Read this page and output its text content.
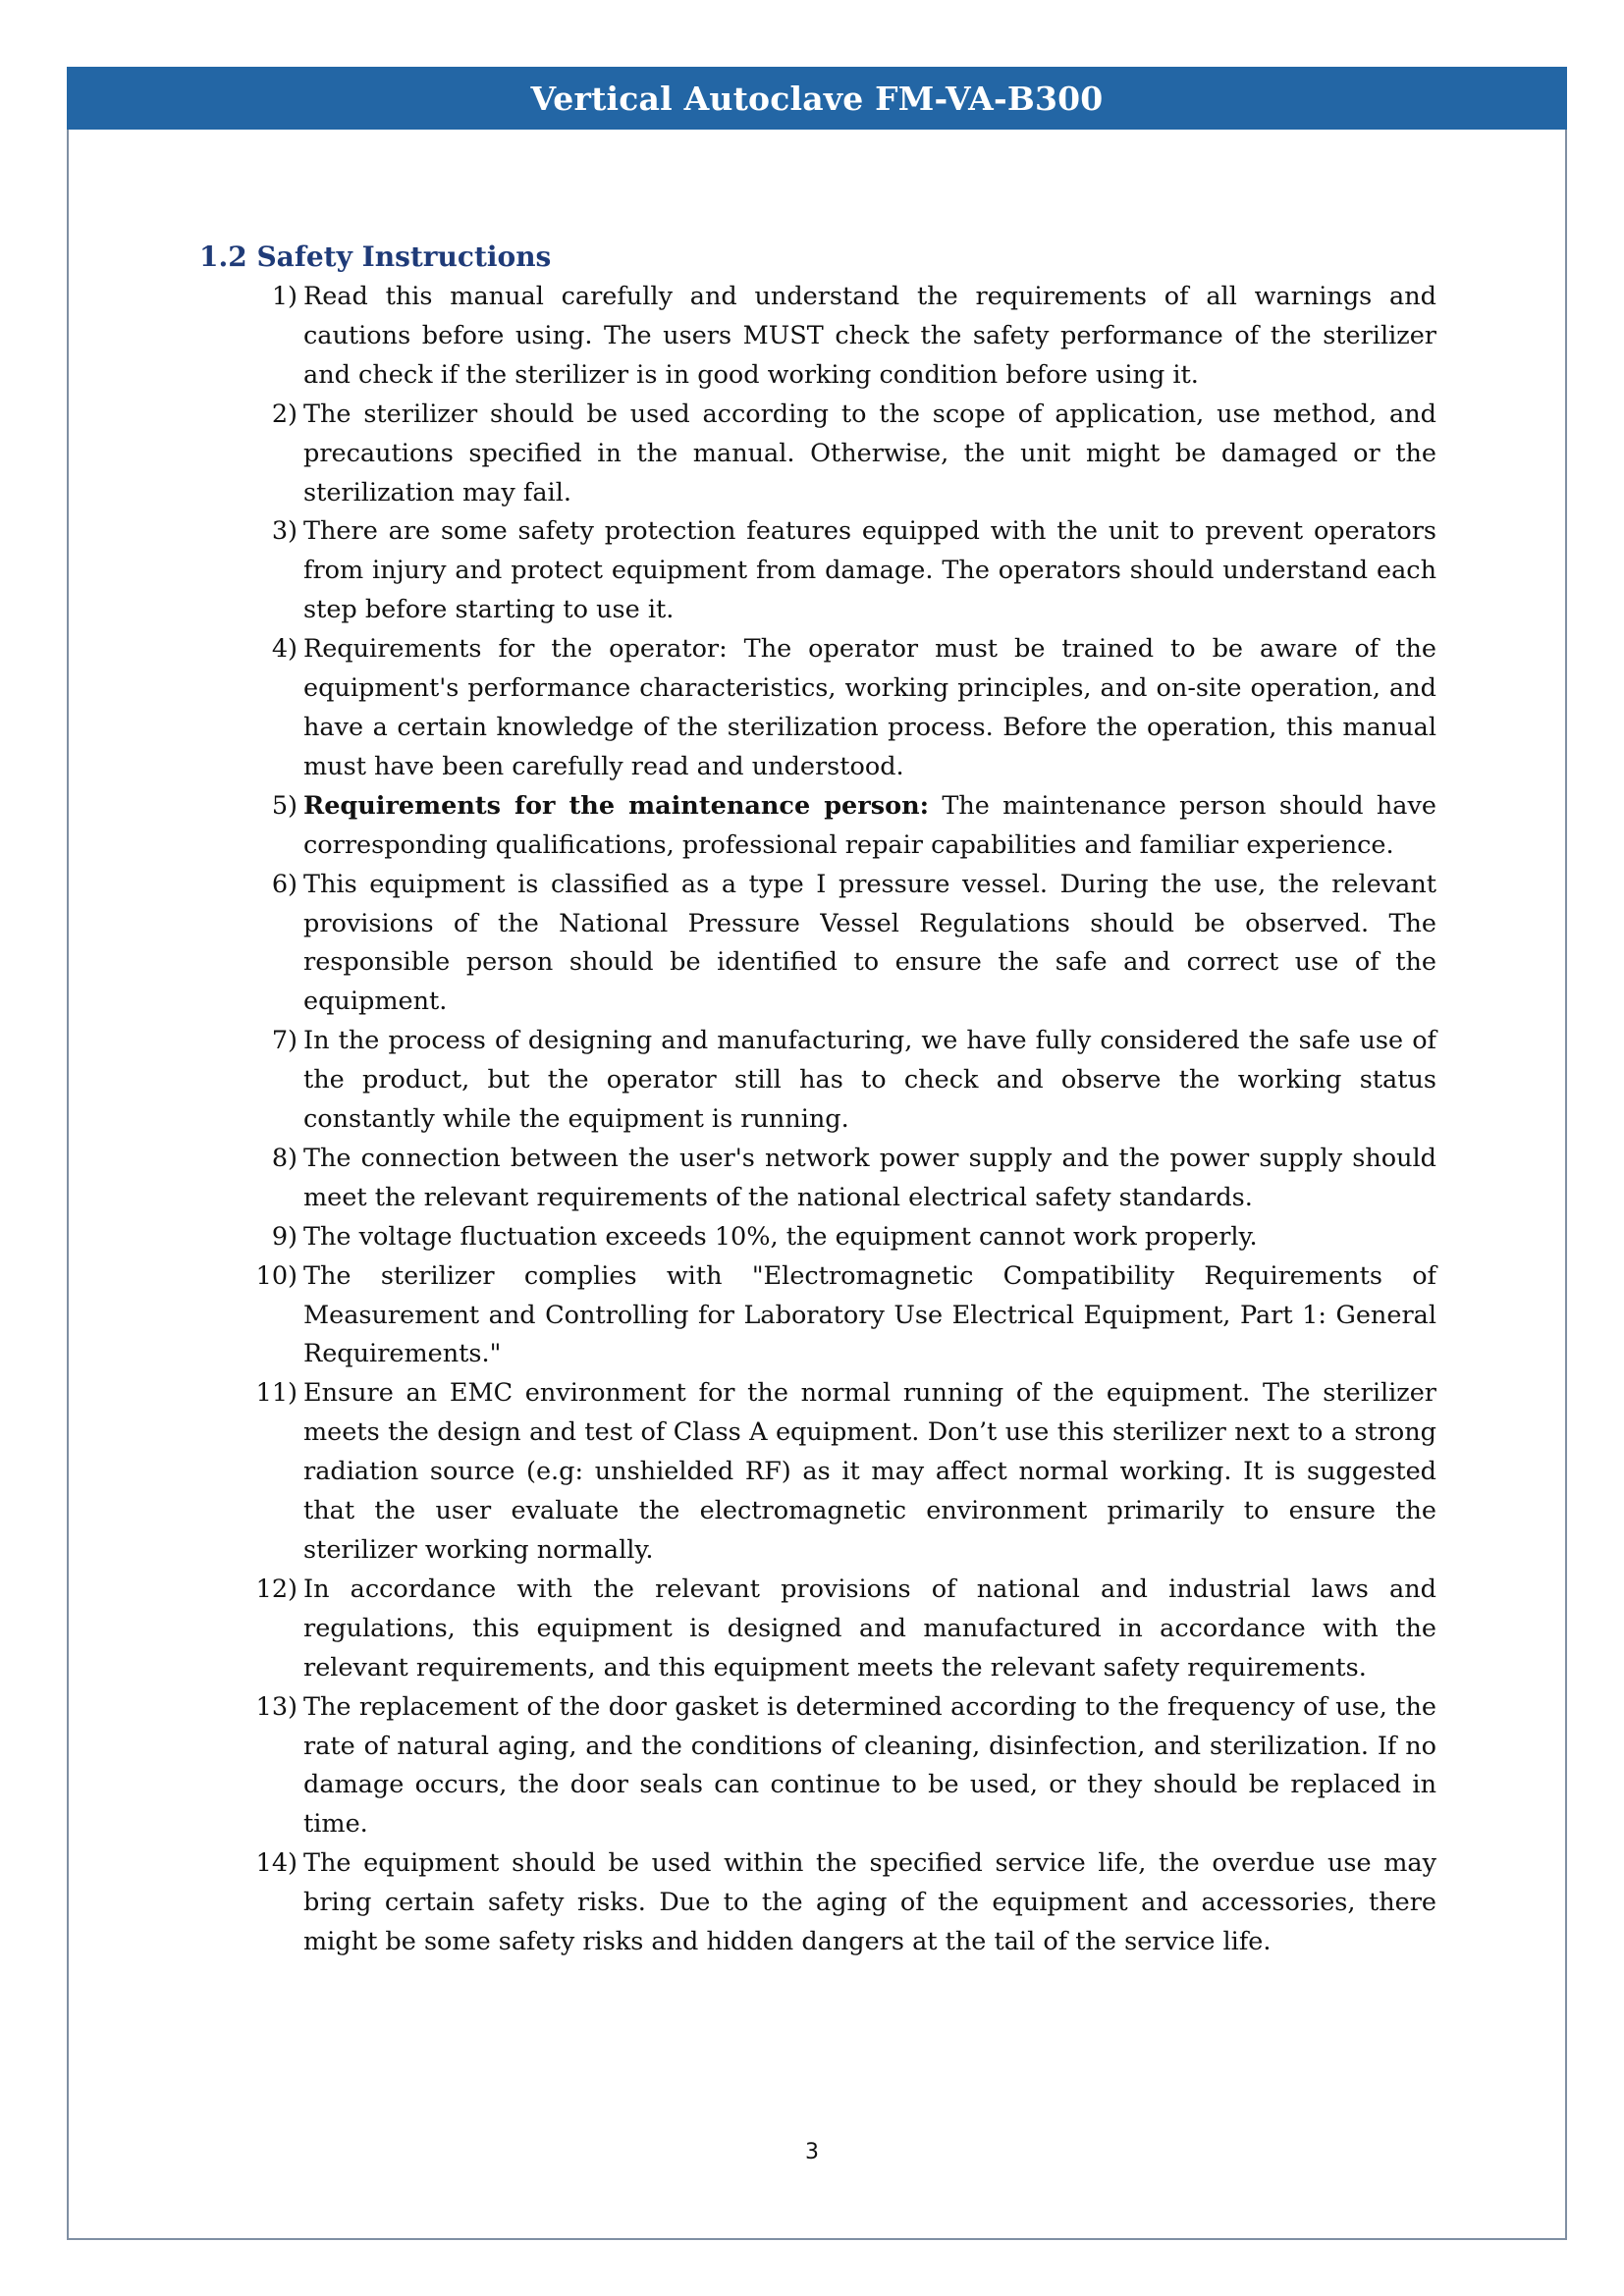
Vertical Autoclave FM-VA-B300
1.2 Safety Instructions
1) Read this manual carefully and understand the requirements of all warnings and cautions before using. The users MUST check the safety performance of the sterilizer and check if the sterilizer is in good working condition before using it.
2) The sterilizer should be used according to the scope of application, use method, and precautions specified in the manual. Otherwise, the unit might be damaged or the sterilization may fail.
3) There are some safety protection features equipped with the unit to prevent operators from injury and protect equipment from damage. The operators should understand each step before starting to use it.
4) Requirements for the operator: The operator must be trained to be aware of the equipment's performance characteristics, working principles, and on-site operation, and have a certain knowledge of the sterilization process. Before the operation, this manual must have been carefully read and understood.
5) Requirements for the maintenance person: The maintenance person should have corresponding qualifications, professional repair capabilities and familiar experience.
6) This equipment is classified as a type I pressure vessel. During the use, the relevant provisions of the National Pressure Vessel Regulations should be observed. The responsible person should be identified to ensure the safe and correct use of the equipment.
7) In the process of designing and manufacturing, we have fully considered the safe use of the product, but the operator still has to check and observe the working status constantly while the equipment is running.
8) The connection between the user's network power supply and the power supply should meet the relevant requirements of the national electrical safety standards.
9) The voltage fluctuation exceeds 10%, the equipment cannot work properly.
10) The sterilizer complies with "Electromagnetic Compatibility Requirements of Measurement and Controlling for Laboratory Use Electrical Equipment, Part 1: General Requirements."
11) Ensure an EMC environment for the normal running of the equipment. The sterilizer meets the design and test of Class A equipment. Don’t use this sterilizer next to a strong radiation source (e.g: unshielded RF) as it may affect normal working. It is suggested that the user evaluate the electromagnetic environment primarily to ensure the sterilizer working normally.
12) In accordance with the relevant provisions of national and industrial laws and regulations, this equipment is designed and manufactured in accordance with the relevant requirements, and this equipment meets the relevant safety requirements.
13) The replacement of the door gasket is determined according to the frequency of use, the rate of natural aging, and the conditions of cleaning, disinfection, and sterilization. If no damage occurs, the door seals can continue to be used, or they should be replaced in time.
14) The equipment should be used within the specified service life, the overdue use may bring certain safety risks. Due to the aging of the equipment and accessories, there might be some safety risks and hidden dangers at the tail of the service life.
3
